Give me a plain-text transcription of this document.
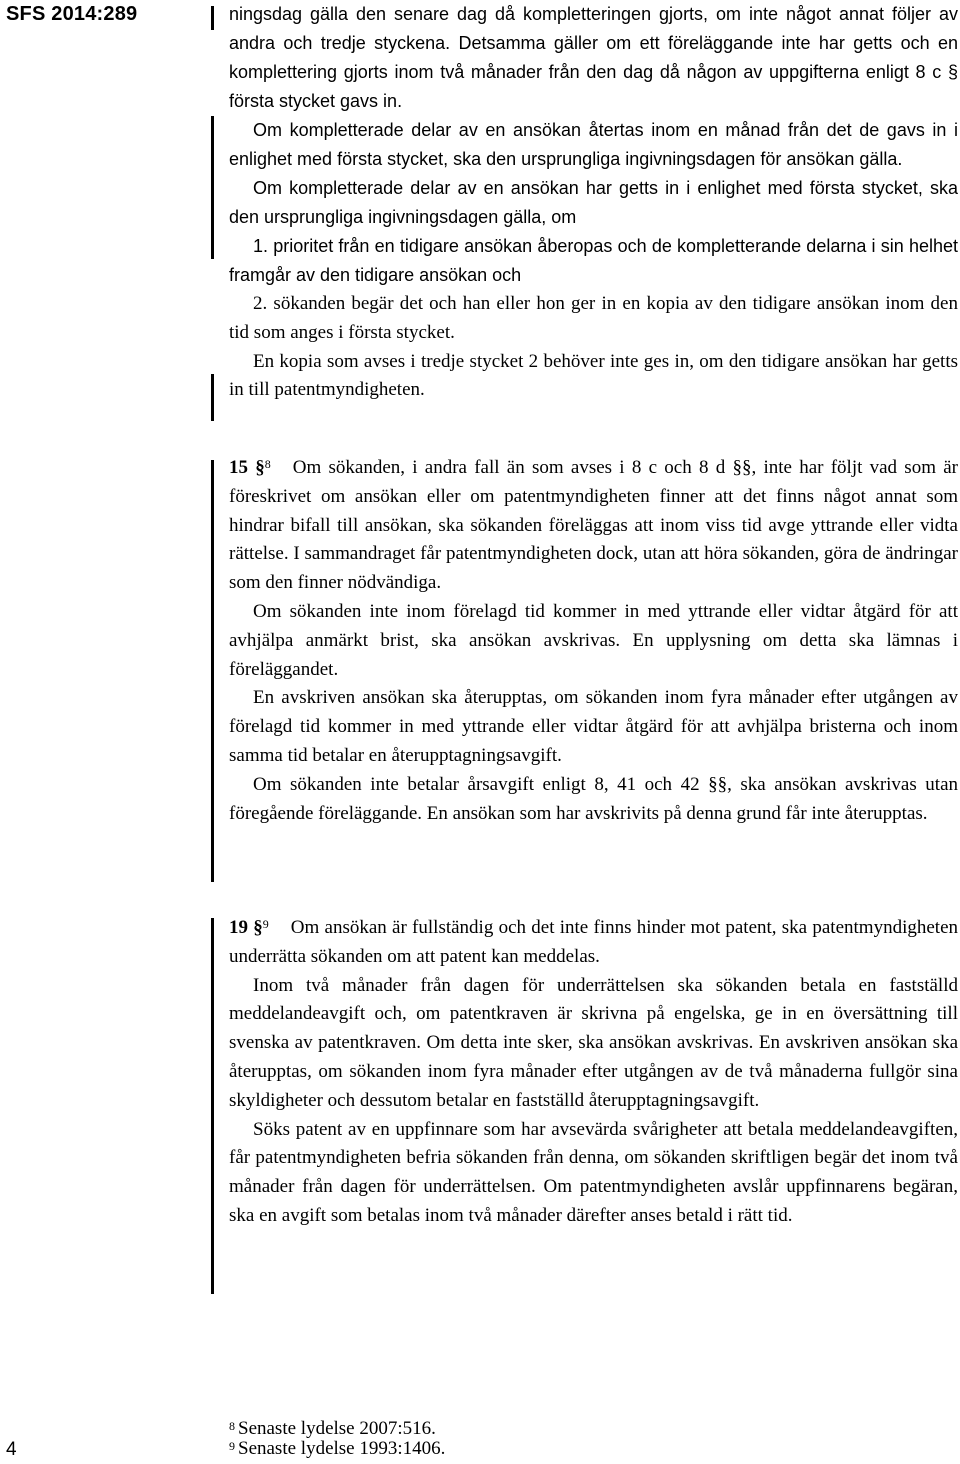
SFS 2014:289	ningsdag gälla den senare dag då kompletteringen gjorts, om inte något annat följer av andra och tredje styckena. Detsamma gäller om ett föreläggande inte har getts och en komplettering gjorts inom två månader från den dag då någon av uppgifterna enligt 8 c § första stycket gavs in.

Om kompletterade delar av en ansökan återtas inom en månad från det de gavs in i enlighet med första stycket, ska den ursprungliga ingivningsdagen för ansökan gälla.

Om kompletterade delar av en ansökan har getts in i enlighet med första stycket, ska den ursprungliga ingivningsdagen gälla, om

1. prioritet från en tidigare ansökan åberopas och de kompletterande delarna i sin helhet framgår av den tidigare ansökan och

2. sökanden begär det och han eller hon ger in en kopia av den tidigare ansökan inom den tid som anges i första stycket.

En kopia som avses i tredje stycket 2 behöver inte ges in, om den tidigare ansökan har getts in till patentmyndigheten.

15 §$^8$ Om sökanden, i andra fall än som avses i 8 c och 8 d §§, inte har följt vad som är föreskrivet om ansökan eller om patentmyndigheten finner att det finns något annat som hindrar bifall till ansökan, ska sökanden föreläggas att inom viss tid avge yttrande eller vidta rättelse. I sammandraget får patentmyndigheten dock, utan att höra sökanden, göra de ändringar som den finner nödvändiga.

Om sökanden inte inom förelagd tid kommer in med yttrande eller vidtar åtgärd för att avhjälpa anmärkt brist, ska ansökan avskrivas. En upplysning om detta ska lämnas i föreläggandet.

En avskriven ansökan ska återupptas, om sökanden inom fyra månader efter utgången av förelagd tid kommer in med yttrande eller vidtar åtgärd för att avhjälpa bristerna och inom samma tid betalar en återupptagningsavgift.

Om sökanden inte betalar årsavgift enligt 8, 41 och 42 §§, ska ansökan avskrivas utan föregående föreläggande. En ansökan som har avskrivits på denna grund får inte återupptas.

19 §$^9$ Om ansökan är fullständig och det inte finns hinder mot patent, ska patentmyndigheten underrätta sökanden om att patent kan meddelas.

Inom två månader från dagen för underrättelsen ska sökanden betala en fastställd meddelandeavgift och, om patentkraven är skrivna på engelska, ge in en översättning till svenska av patentkraven. Om detta inte sker, ska ansökan avskrivas. En avskriven ansökan ska återupptas, om sökanden inom fyra månader efter utgången av de två månaderna fullgör sina skyldigheter och dessutom betalar en fastställd återupptagningsavgift.

Söks patent av en uppfinnare som har avsevärda svårigheter att betala meddelandeavgiften, får patentmyndigheten befria sökanden från denna, om sökanden skriftligen begär det inom två månader från dagen för underrättelsen. Om patentmyndigheten avslår uppfinnarens begäran, ska en avgift som betalas inom två månader därefter anses betald i rätt tid.

$^8$ Senaste lydelse 2007:516.
$^9$ Senaste lydelse 1993:1406.
4
